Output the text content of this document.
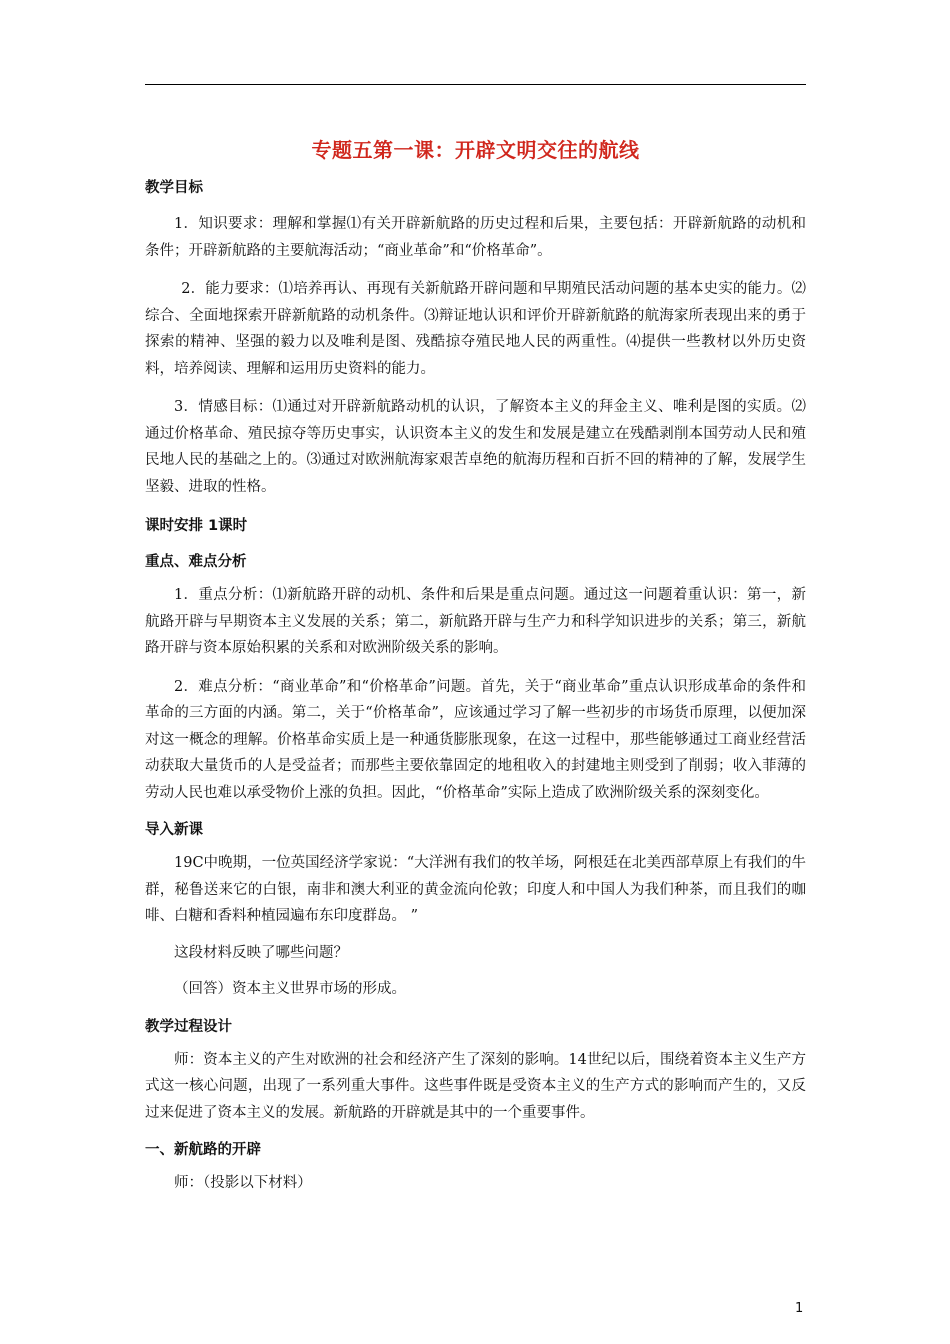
专题五第一课：开辟文明交往的航线

教学目标

1．知识要求：理解和掌握⑴有关开辟新航路的历史过程和后果，主要包括：开辟新航路的动机和条件；开辟新航路的主要航海活动；“商业革命”和“价格革命”。

2．能力要求：⑴培养再认、再现有关新航路开辟问题和早期殖民活动问题的基本史实的能力。⑵ 综合、全面地探索开辟新航路的动机条件。⑶辩证地认识和评价开辟新航路的航海家所表现出来的勇于探索的精神、坚强的毅力以及唯利是图、残酷掠夺殖民地人民的两重性。⑷提供一些教材以外历史资料，培养阅读、理解和运用历史资料的能力。

3．情感目标：⑴通过对开辟新航路动机的认识，了解资本主义的拜金主义、唯利是图的实质。⑵通过价格革命、殖民掠夺等历史事实，认识资本主义的发生和发展是建立在残酷剥削本国劳动人民和殖民地人民的基础之上的。⑶通过对欧洲航海家艰苦卓绝的航海历程和百折不回的精神的了解，发展学生坚毅、进取的性格。

课时安排 1课时

重点、难点分析

1．重点分析：⑴新航路开辟的动机、条件和后果是重点问题。通过这一问题着重认识：第一，新航路开辟与早期资本主义发展的关系；第二，新航路开辟与生产力和科学知识进步的关系；第三，新航路开辟与资本原始积累的关系和对欧洲阶级关系的影响。

2．难点分析：“商业革命”和“价格革命”问题。首先，关于“商业革命”重点认识形成革命的条件和革命的三方面的内涵。第二，关于“价格革命”，应该通过学习了解一些初步的市场货币原理，以便加深对这一概念的理解。价格革命实质上是一种通货膨胀现象，在这一过程中，那些能够通过工商业经营活动获取大量货币的人是受益者；而那些主要依靠固定的地租收入的封建地主则受到了削弱；收入菲薄的劳动人民也难以承受物价上涨的负担。因此，“价格革命”实际上造成了欧洲阶级关系的深刻变化。

导入新课

19C中晚期，一位英国经济学家说：“大洋洲有我们的牧羊场，阿根廷在北美西部草原上有我们的牛群，秘鲁送来它的白银，南非和澳大利亚的黄金流向伦敦；印度人和中国人为我们种茶，而且我们的咖啡、白糖和香料种植园遍布东印度群岛。 ”

这段材料反映了哪些问题？

（回答）资本主义世界市场的形成。

教学过程设计

师：资本主义的产生对欧洲的社会和经济产生了深刻的影响。14世纪以后，围绕着资本主义生产方式这一核心问题，出现了一系列重大事件。这些事件既是受资本主义的生产方式的影响而产生的，又反过来促进了资本主义的发展。新航路的开辟就是其中的一个重要事件。

一、新航路的开辟

师：（投影以下材料）

1
